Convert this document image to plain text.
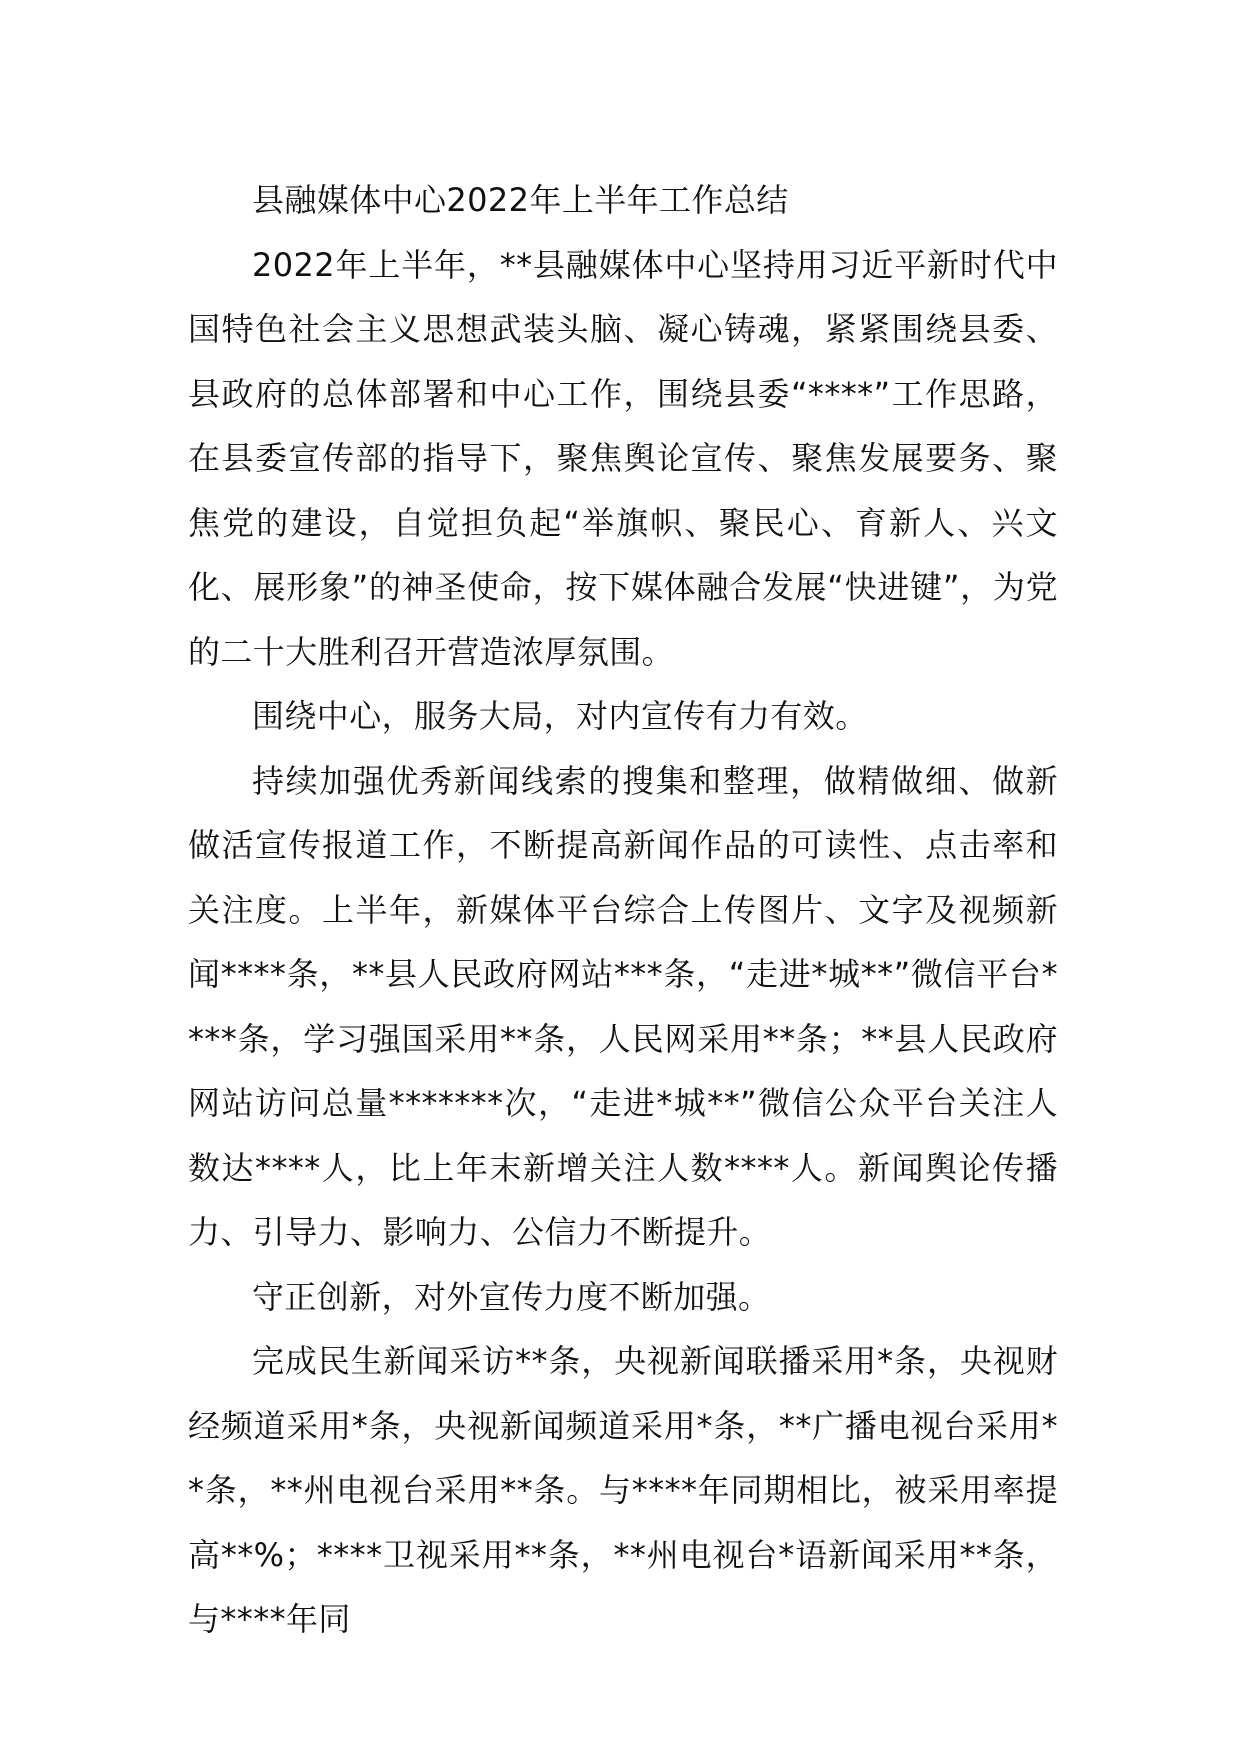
县融媒体中心2022年上半年工作总结

2022年上半年，**县融媒体中心坚持用习近平新时代中国特色社会主义思想武装头脑、凝心铸魂，紧紧围绕县委、县政府的总体部署和中心工作，围绕县委“****”工作思路，在县委宣传部的指导下，聚焦舆论宣传、聚焦发展要务、聚焦党的建设，自觉担负起“举旗帜、聚民心、育新人、兴文化、展形象”的神圣使命，按下媒体融合发展“快进键”，为党的二十大胜利召开营造浓厚氛围。

围绕中心，服务大局，对内宣传有力有效。

持续加强优秀新闻线索的搜集和整理，做精做细、做新做活宣传报道工作，不断提高新闻作品的可读性、点击率和关注度。上半年，新媒体平台综合上传图片、文字及视频新闻****条，**县人民政府网站***条，“走进*城**”微信平台****条，学习强国采用**条，人民网采用**条；**县人民政府网站访问总量*******次，“走进*城**”微信公众平台关注人数达****人，比上年末新增关注人数****人。新闻舆论传播力、引导力、影响力、公信力不断提升。

守正创新，对外宣传力度不断加强。

完成民生新闻采访**条，央视新闻联播采用*条，央视财经频道采用*条，央视新闻频道采用*条，**广播电视台采用**条，**州电视台采用**条。与****年同期相比，被采用率提高**%；****卫视采用**条，**州电视台*语新闻采用**条，与****年同
